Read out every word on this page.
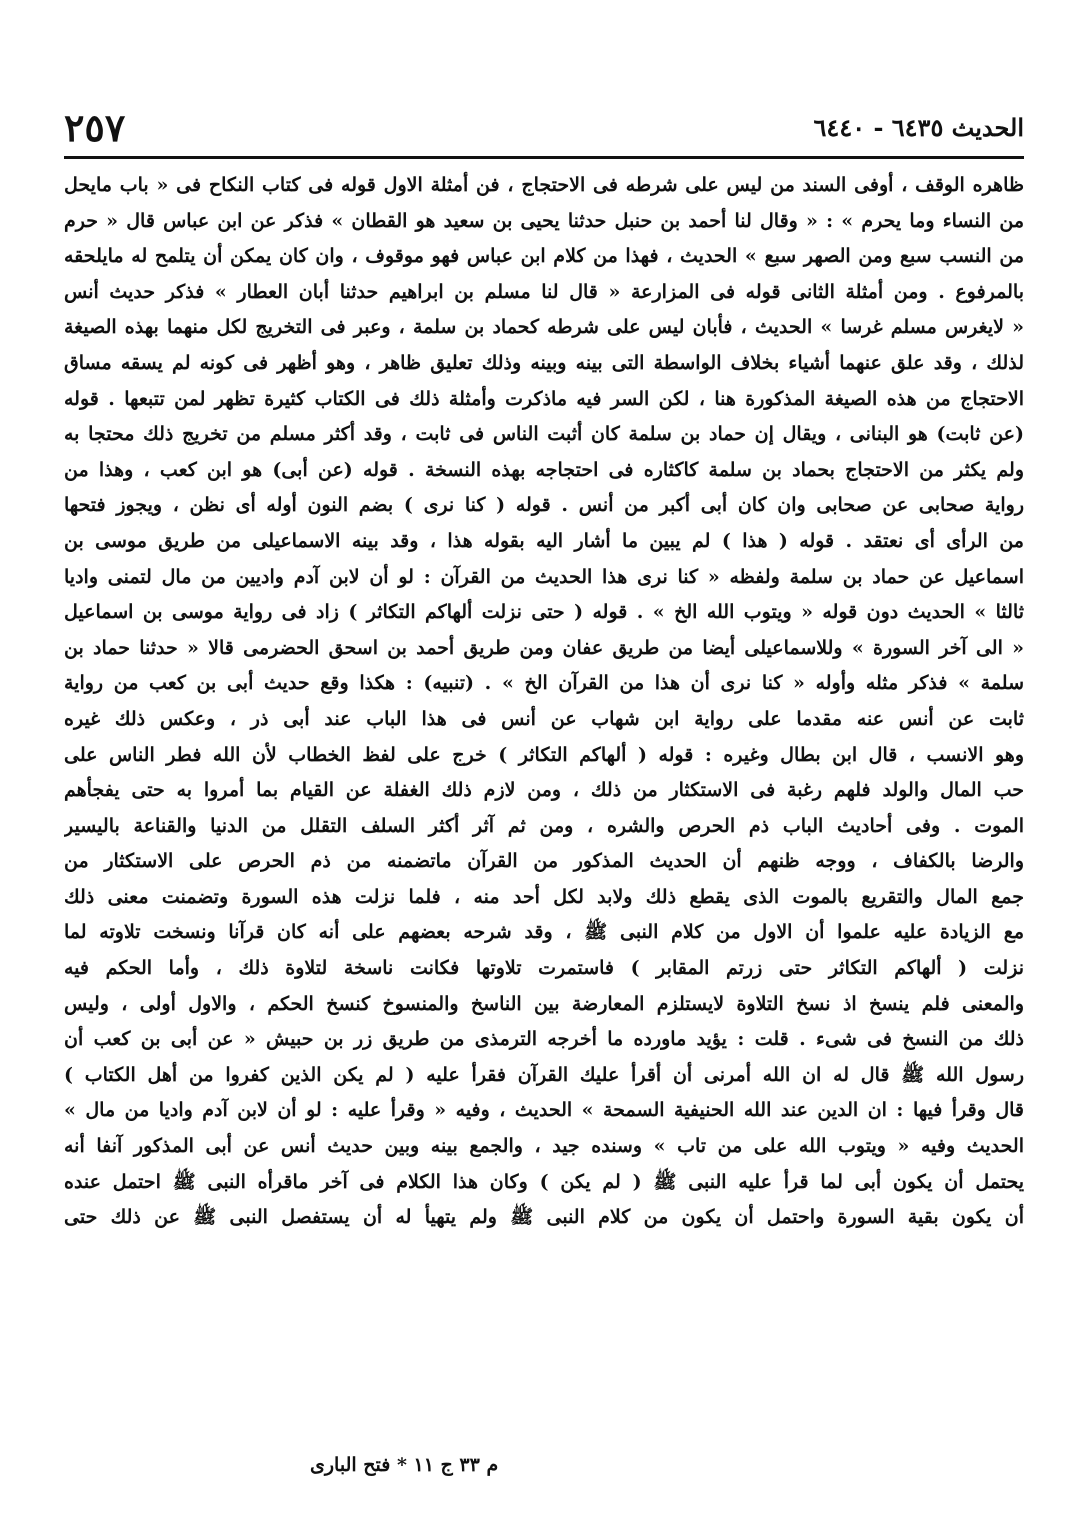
٢٥٧	الحديث ٦٤٣٥ - ٦٤٤٠
ظاهره الوقف ، أوفى السند من ليس على شرطه فى الاحتجاج ، فن أمثلة الاول قوله فى كتاب النكاح فى « باب مايحل
من النساء وما يحرم » : « وقال لنا أحمد بن حنبل حدثنا يحيى بن سعيد هو القطان » فذكر عن ابن عباس قال « حرم
من النسب سبع ومن الصهر سبع » الحديث ، فهذا من كلام ابن عباس فهو موقوف ، وان كان يمكن أن يتلمح له مايلحقه
بالمرفوع . ومن أمثلة الثانى قوله فى المزارعة « قال لنا مسلم بن ابراهيم حدثنا أبان العطار » فذكر حديث أنس
« لايغرس مسلم غرسا » الحديث ، فأبان ليس على شرطه كحماد بن سلمة ، وعبر فى التخريج لكل منهما بهذه الصيغة
لذلك ، وقد علق عنهما أشياء بخلاف الواسطة التى بينه وبينه وذلك تعليق ظاهر ، وهو أظهر فى كونه لم يسقه مساق
الاحتجاج من هذه الصيغة المذكورة هنا ، لكن السر فيه ماذكرت وأمثلة ذلك فى الكتاب كثيرة تظهر لمن تتبعها . قوله
(عن ثابت) هو البنانى ، ويقال إن حماد بن سلمة كان أثبت الناس فى ثابت ، وقد أكثر مسلم من تخريج ذلك محتجا به
ولم يكثر من الاحتجاج بحماد بن سلمة كاكثاره فى احتجاجه بهذه النسخة . قوله (عن أبى) هو ابن كعب ، وهذا من
رواية صحابى عن صحابى وان كان أبى أكبر من أنس . قوله ( كنا نرى ) بضم النون أوله أى نظن ، ويجوز فتحها
من الرأى أى نعتقد . قوله ( هذا ) لم يبين ما أشار اليه بقوله هذا ، وقد بينه الاسماعيلى من طريق موسى بن
اسماعيل عن حماد بن سلمة ولفظه « كنا نرى هذا الحديث من القرآن : لو أن لابن آدم واديين من مال لتمنى واديا
ثالثا » الحديث دون قوله « ويتوب الله الخ » . قوله ( حتى نزلت ألهاكم التكاثر ) زاد فى رواية موسى بن اسماعيل
« الى آخر السورة » وللاسماعيلى أيضا من طريق عفان ومن طريق أحمد بن اسحق الحضرمى قالا « حدثنا حماد بن
سلمة » فذكر مثله وأوله « كنا نرى أن هذا من القرآن الخ » . (تنبيه) : هكذا وقع حديث أبى بن كعب من رواية
ثابت عن أنس عنه مقدما على رواية ابن شهاب عن أنس فى هذا الباب عند أبى ذر ، وعكس ذلك غيره
وهو الانسب ، قال ابن بطال وغيره : قوله ( ألهاكم التكاثر ) خرج على لفظ الخطاب لأن الله فطر الناس على
حب المال والولد فلهم رغبة فى الاستكثار من ذلك ، ومن لازم ذلك الغفلة عن القيام بما أمروا به حتى يفجأهم
الموت . وفى أحاديث الباب ذم الحرص والشره ، ومن ثم آثر أكثر السلف التقلل من الدنيا والقناعة باليسير
والرضا بالكفاف ، ووجه ظنهم أن الحديث المذكور من القرآن ماتضمنه من ذم الحرص على الاستكثار من
جمع المال والتقريع بالموت الذى يقطع ذلك ولابد لكل أحد منه ، فلما نزلت هذه السورة وتضمنت معنى ذلك
مع الزيادة عليه علموا أن الاول من كلام النبى ﷺ ، وقد شرحه بعضهم على أنه كان قرآنا ونسخت تلاوته لما
نزلت ( ألهاكم التكاثر حتى زرتم المقابر ) فاستمرت تلاوتها فكانت ناسخة لتلاوة ذلك ، وأما الحكم فيه
والمعنى فلم ينسخ اذ نسخ التلاوة لايستلزم المعارضة بين الناسخ والمنسوخ كنسخ الحكم ، والاول أولى ، وليس
ذلك من النسخ فى شىء . قلت : يؤيد ماورده ما أخرجه الترمذى من طريق زر بن حبيش « عن أبى بن كعب أن
رسول الله ﷺ قال له ان الله أمرنى أن أقرأ عليك القرآن فقرأ عليه ( لم يكن الذين كفروا من أهل الكتاب )
قال وقرأ فيها : ان الدين عند الله الحنيفية السمحة » الحديث ، وفيه « وقرأ عليه : لو أن لابن آدم واديا من مال »
الحديث وفيه « ويتوب الله على من تاب » وسنده جيد ، والجمع بينه وبين حديث أنس عن أبى المذكور آنفا أنه
يحتمل أن يكون أبى لما قرأ عليه النبى ﷺ ( لم يكن ) وكان هذا الكلام فى آخر ماقرأه النبى ﷺ احتمل عنده
أن يكون بقية السورة واحتمل أن يكون من كلام النبى ﷺ ولم يتهيأ له أن يستفصل النبى ﷺ عن ذلك حتى
م ٣٣ ج ١١ * فتح البارى
